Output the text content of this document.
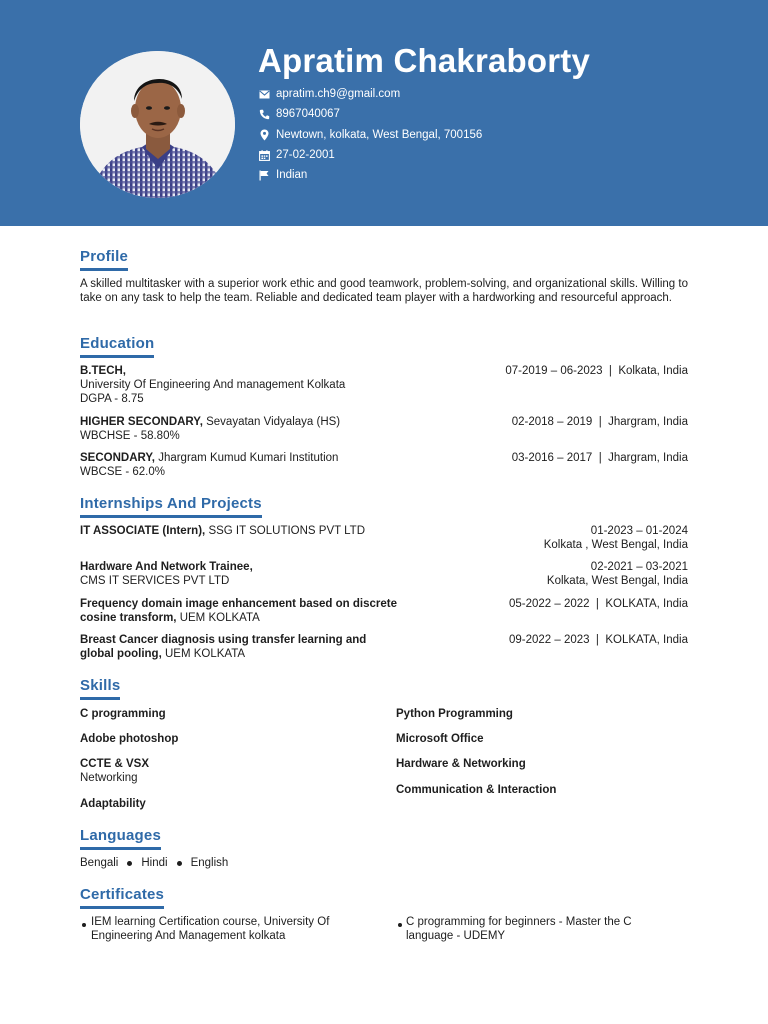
Apratim Chakraborty
apratim.ch9@gmail.com
8967040067
Newtown, kolkata, West Bengal, 700156
27-02-2001
Indian
Profile
A skilled multitasker with a superior work ethic and good teamwork, problem-solving, and organizational skills. Willing to take on any task to help the team. Reliable and dedicated team player with a hardworking and resourceful approach.
Education
B.TECH,
University Of Engineering And management Kolkata
DGPA - 8.75
07-2019 – 06-2023  |  Kolkata, India
HIGHER SECONDARY, Sevayatan Vidyalaya (HS)
WBCHSE - 58.80%
02-2018 – 2019  |  Jhargram, India
SECONDARY, Jhargram Kumud Kumari Institution
WBCSE - 62.0%
03-2016 – 2017  |  Jhargram, India
Internships And Projects
IT ASSOCIATE (Intern), SSG IT SOLUTIONS PVT LTD	01-2023 – 01-2024
Kolkata , West Bengal, India
Hardware And Network Trainee,
CMS IT SERVICES PVT LTD
02-2021 – 03-2021
Kolkata, West Bengal, India
Frequency domain image enhancement based on discrete
cosine transform, UEM KOLKATA
05-2022 – 2022  |  KOLKATA, India
Breast Cancer diagnosis using transfer learning and
global pooling, UEM KOLKATA
09-2022 – 2023  |  KOLKATA, India
Skills
C programming
Adobe photoshop
CCTE & VSX
Networking
Adaptability
Python Programming
Microsoft Office
Hardware & Networking
Communication & Interaction
Languages
Bengali Hindi English
Certificates
IEM learning Certification course, University Of
Engineering And Management kolkata
C programming for beginners - Master the C
language - UDEMY
